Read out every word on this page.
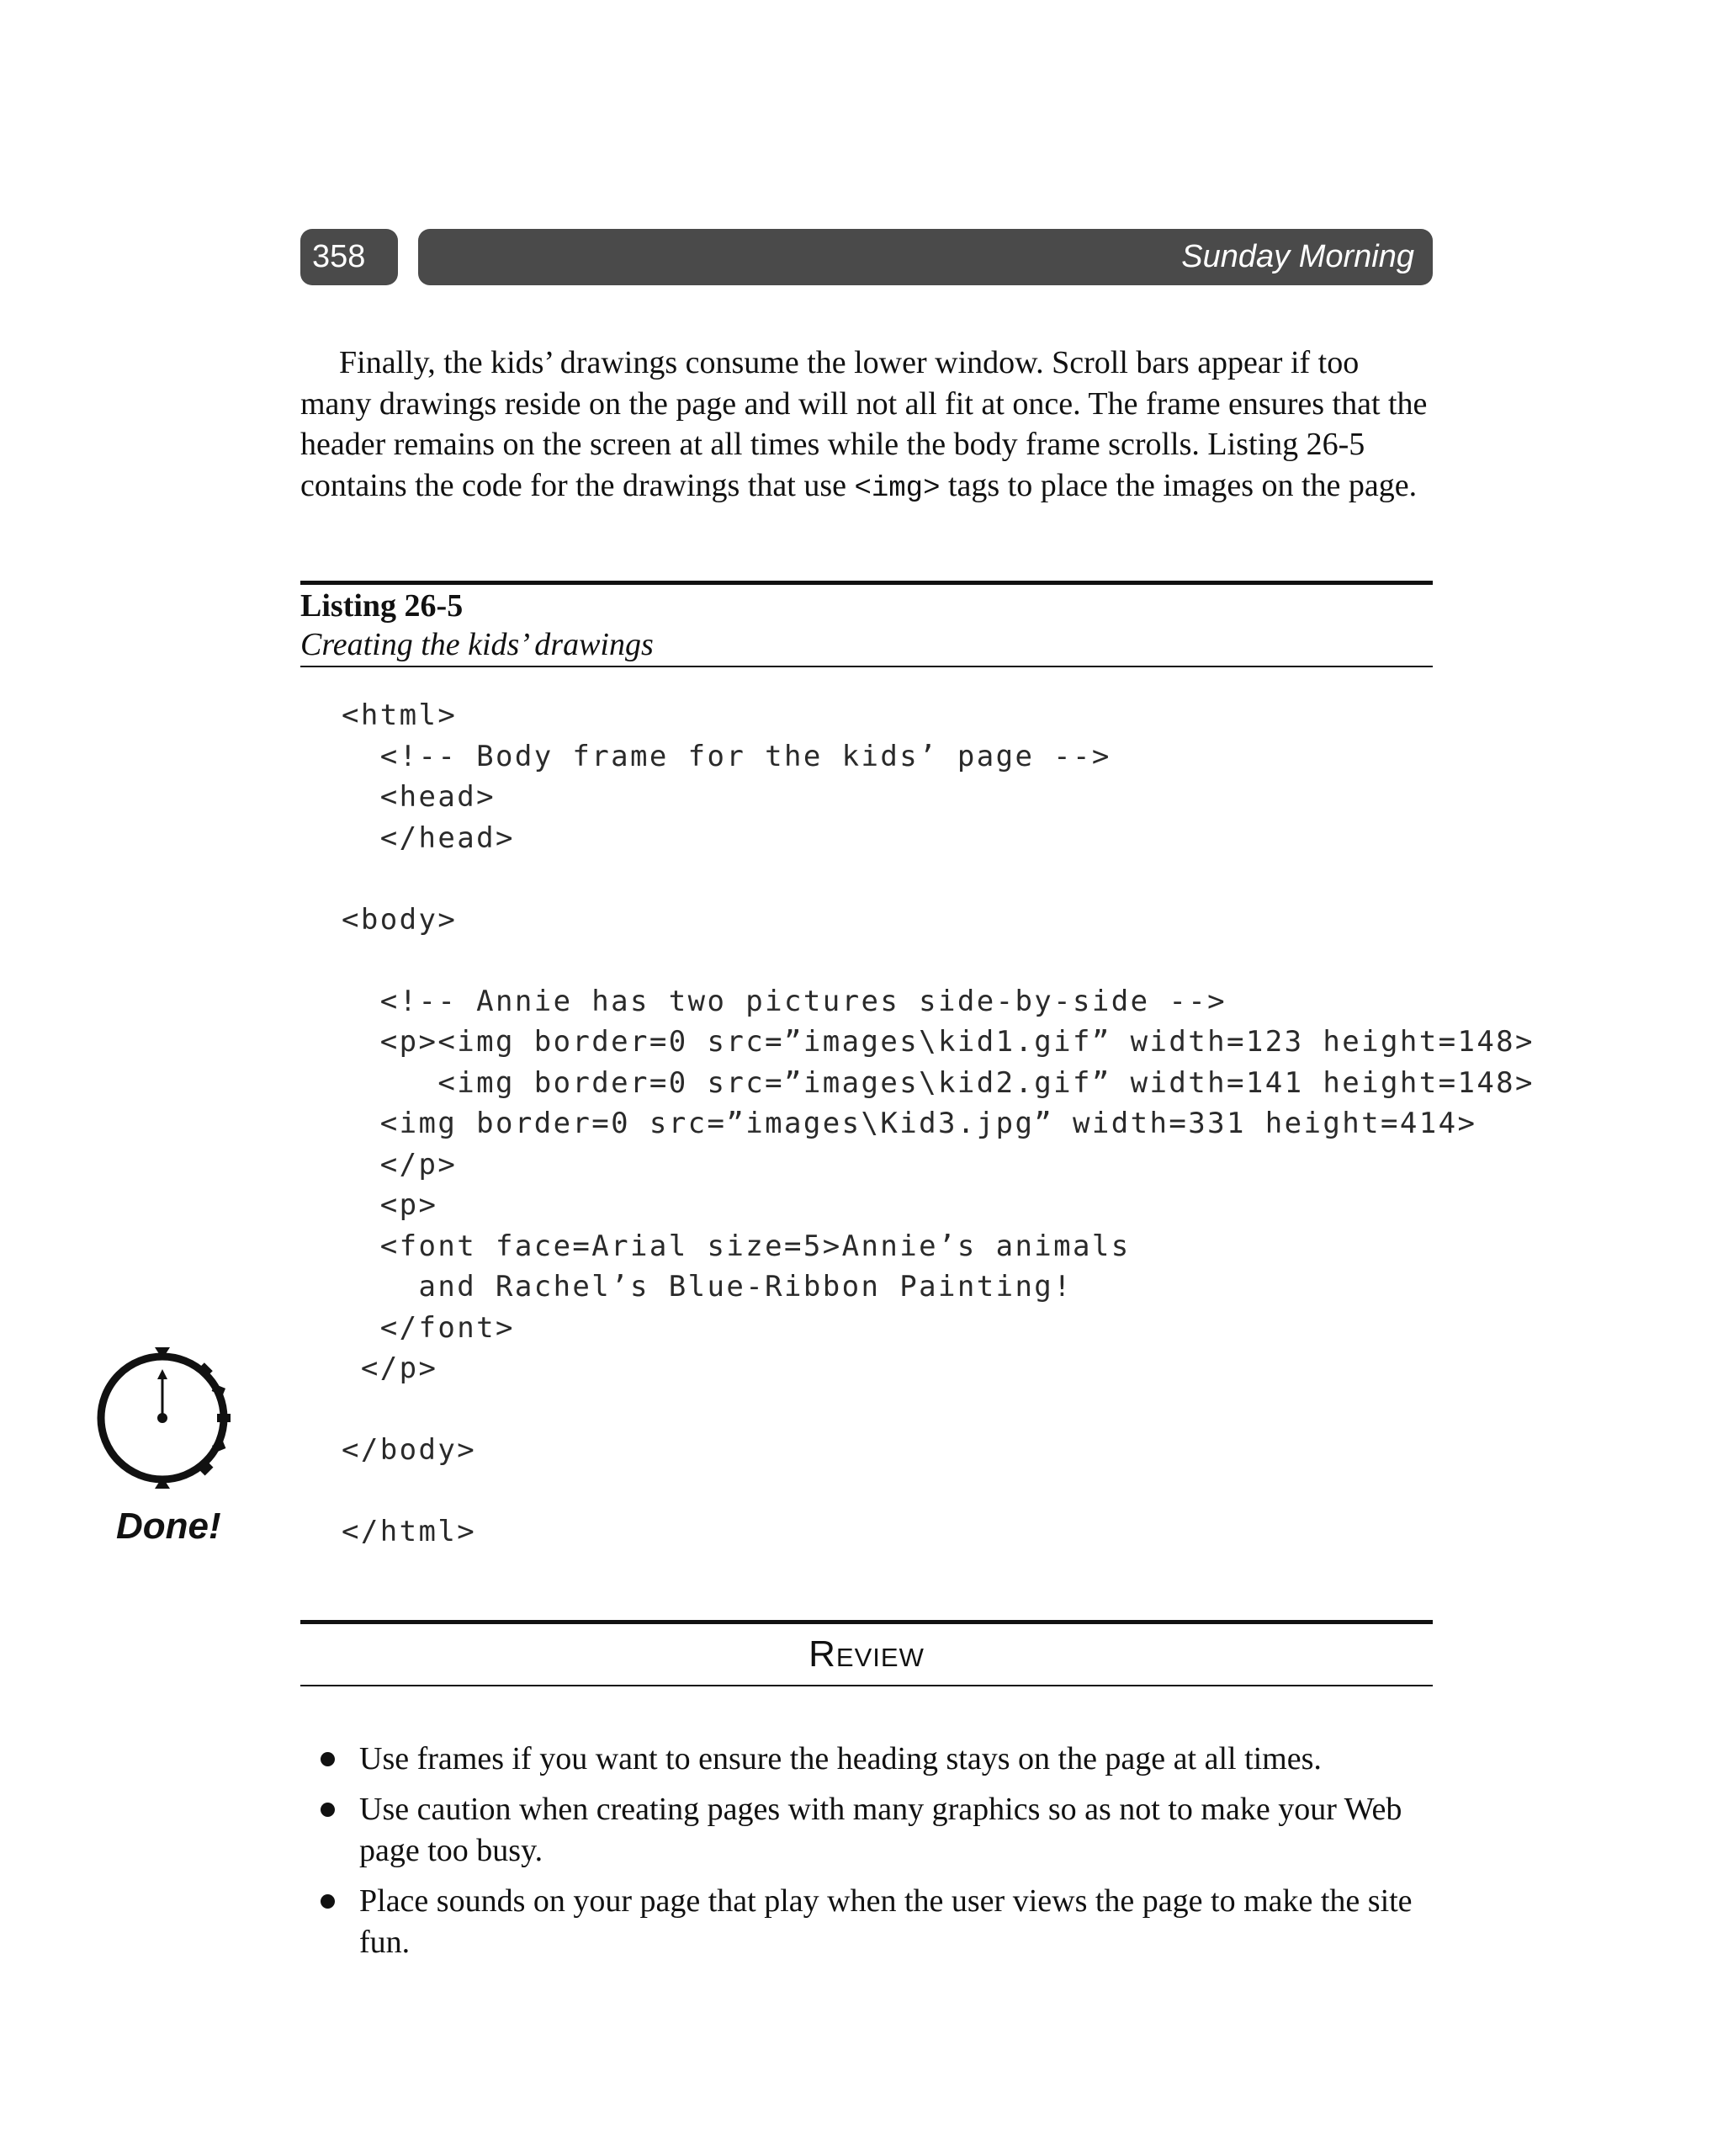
358	Sunday Morning

Finally, the kids’ drawings consume the lower window. Scroll bars appear if too many drawings reside on the page and will not all fit at once. The frame ensures that the header remains on the screen at all times while the body frame scrolls. Listing 26-5 contains the code for the drawings that use <img> tags to place the images on the page.

Listing 26-5
Creating the kids’ drawings
<html>
<!-- Body frame for the kids’ page -->
<head>
</head>
<body>
<!-- Annie has two pictures side-by-side -->
<p><img border=0 src=”images\kid1.gif” width=123 height=148>
<img border=0 src=”images\kid2.gif” width=141 height=148>
<img border=0 src=”images\Kid3.jpg” width=331 height=414>
</p>
<p>
<font face=Arial size=5>Annie’s animals
and Rachel’s Blue-Ribbon Painting!
</font>
</p>
</body>
</html>
Done!
Review
Use frames if you want to ensure the heading stays on the page at all times.
Use caution when creating pages with many graphics so as not to make your Web page too busy.
Place sounds on your page that play when the user views the page to make the site fun.
